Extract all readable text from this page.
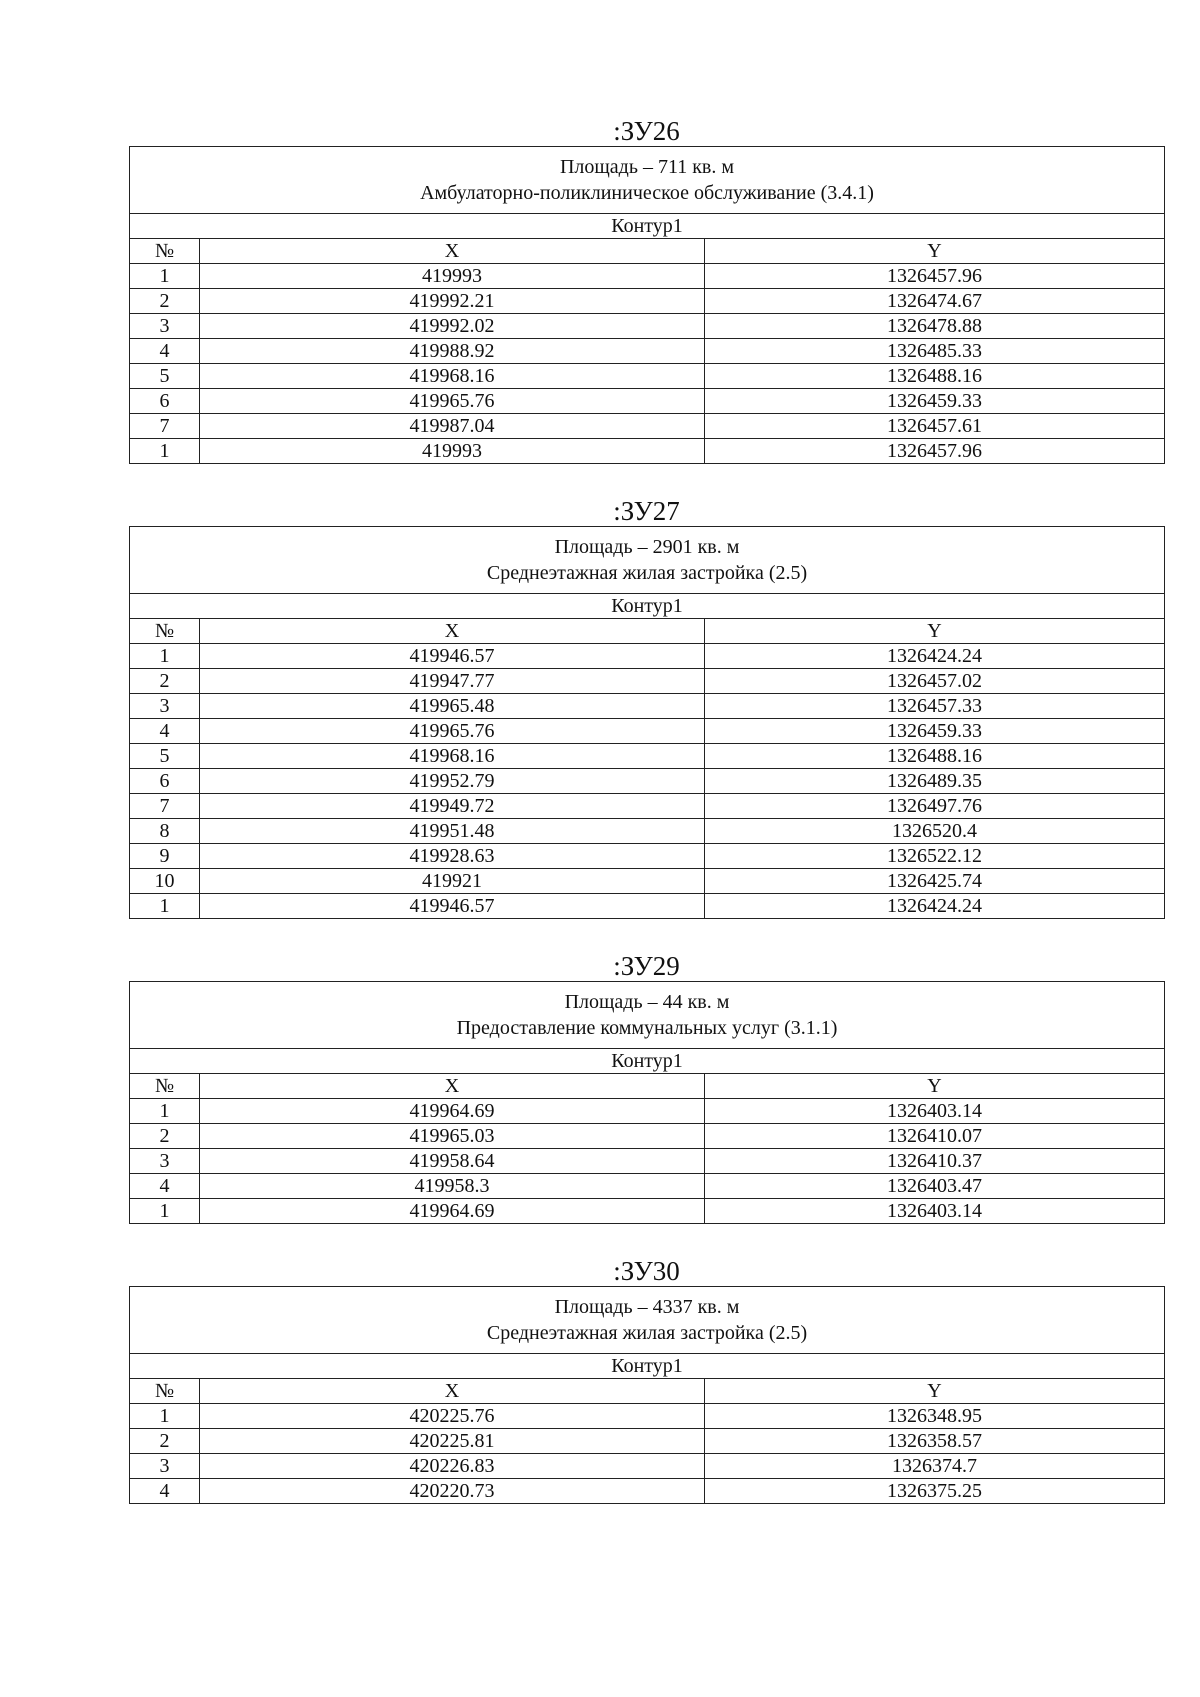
:ЗУ26
Площадь – 711 кв. м
Амбулаторно-поликлиническое обслуживание (3.4.1)		

Контур1		
№	X	Y
1	419993	1326457.96
2	419992.21	1326474.67
3	419992.02	1326478.88
4	419988.92	1326485.33
5	419968.16	1326488.16
6	419965.76	1326459.33
7	419987.04	1326457.61
1	419993	1326457.96
:ЗУ27
Площадь – 2901 кв. м
Среднеэтажная жилая застройка (2.5)		

Контур1		
№	X	Y
1	419946.57	1326424.24
2	419947.77	1326457.02
3	419965.48	1326457.33
4	419965.76	1326459.33
5	419968.16	1326488.16
6	419952.79	1326489.35
7	419949.72	1326497.76
8	419951.48	1326520.4
9	419928.63	1326522.12
10	419921	1326425.74
1	419946.57	1326424.24
:ЗУ29
Площадь – 44 кв. м
Предоставление коммунальных услуг (3.1.1)		

Контур1		
№	X	Y
1	419964.69	1326403.14
2	419965.03	1326410.07
3	419958.64	1326410.37
4	419958.3	1326403.47
1	419964.69	1326403.14
:ЗУ30
Площадь – 4337 кв. м
Среднеэтажная жилая застройка (2.5)		

Контур1		
№	X	Y
1	420225.76	1326348.95
2	420225.81	1326358.57
3	420226.83	1326374.7
4	420220.73	1326375.25
